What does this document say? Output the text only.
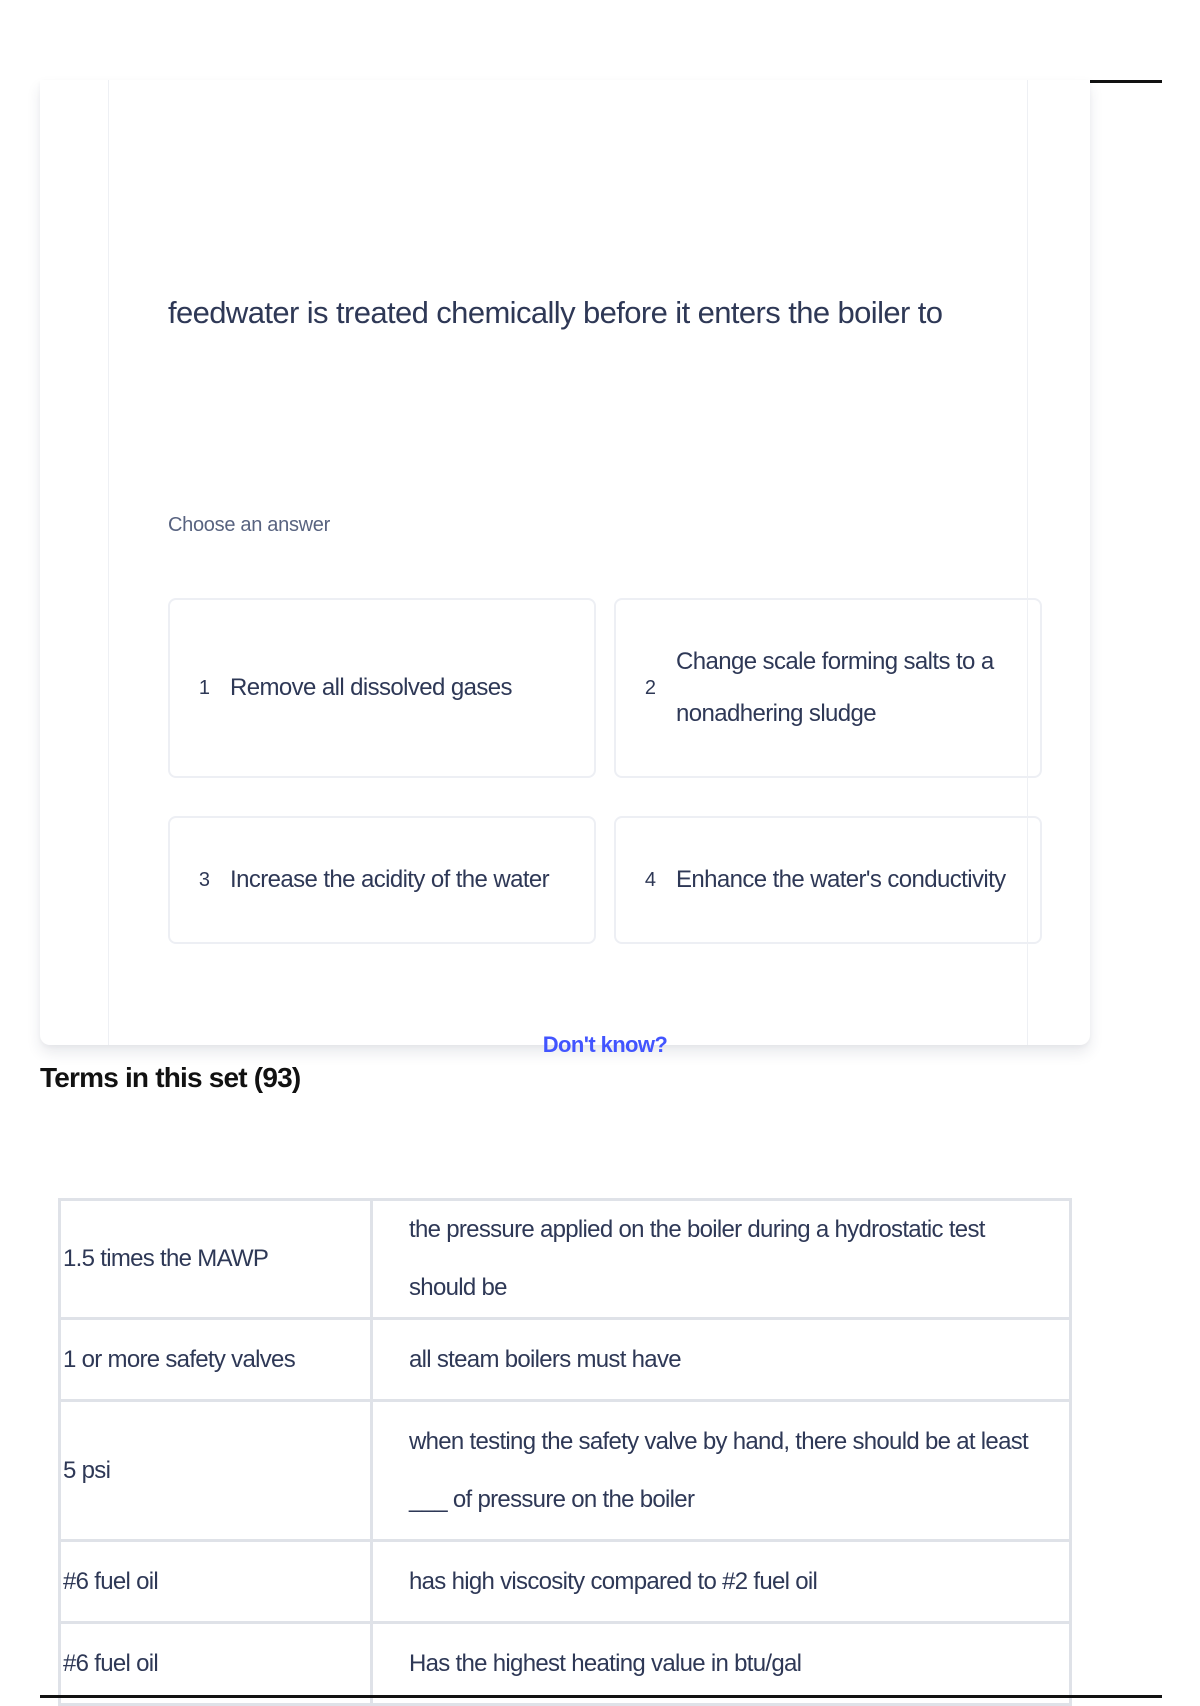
feedwater is treated chemically before it enters the boiler to
Choose an answer
1 Remove all dissolved gases	2
Change scale forming salts to a nonadhering sludge
3 Increase the acidity of the water	4 Enhance the water's conductivity
Don't know?
Terms in this set (93)
1.5 times the MAWP	the pressure applied on the boiler during a hydrostatic test should be
1 or more safety valves	all steam boilers must have
5 psi	when testing the safety valve by hand, there should be at least ___ of pressure on the boiler
#6 fuel oil	has high viscosity compared to #2 fuel oil
#6 fuel oil	Has the highest heating value in btu/gal
